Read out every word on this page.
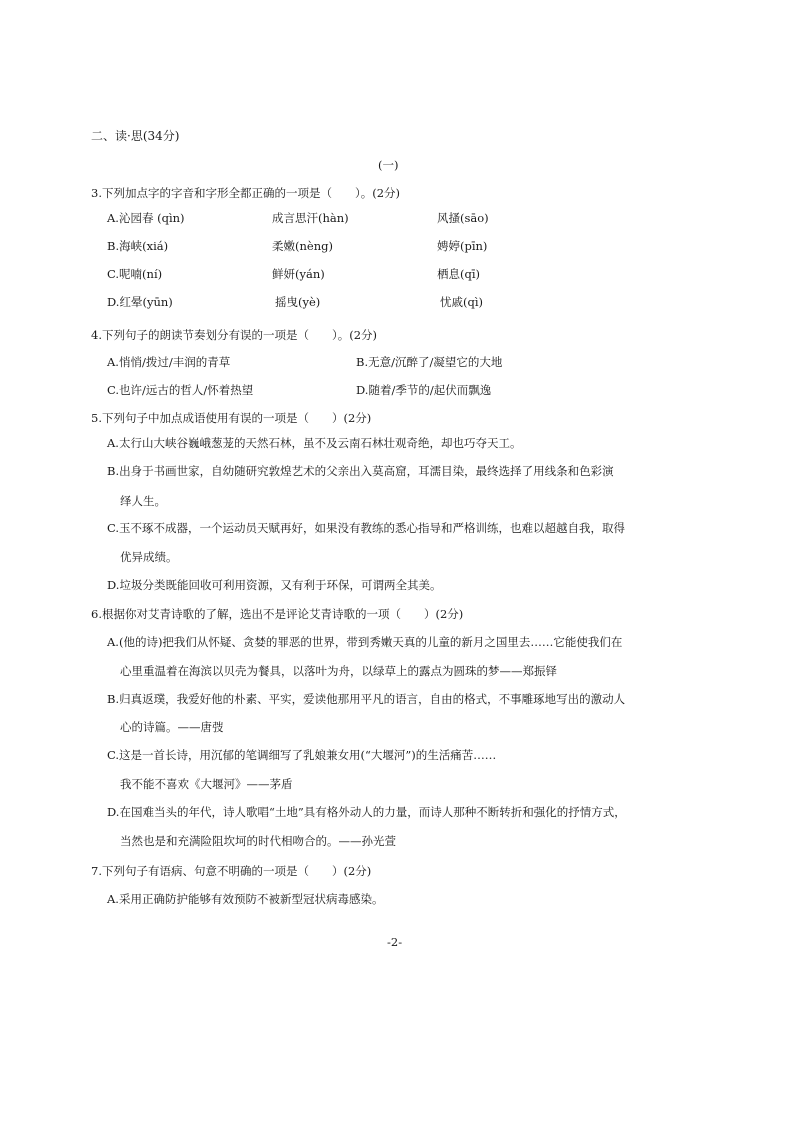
二、读·思(34分)
(一)
3.下列加点字的字音和字形全都正确的一项是（　　）。(2分)
A.沁园春 (qìn)	成言思汗(hàn)	风搔(sāo)
B.海峡(xiá)	柔嫩(nèng)	娉婷(pīn)
C.呢喃(ní)	鲜妍(yán)	栖息(qī)
D.红晕(yūn)	摇曳(yè)	忧戚(qì)
4.下列句子的朗读节奏划分有误的一项是（　　）。(2分)
A.悄悄/拨过/丰润的青草	B.无意/沉醉了/凝望它的大地
C.也许/远古的哲人/怀着热望	D.随着/季节的/起伏而飘逸
5.下列句子中加点成语使用有误的一项是（　　）(2分)
A.太行山大峡谷巍峨葱茏的天然石林，虽不及云南石林壮观奇绝，却也巧夺天工。
B.出身于书画世家，自幼随研究敦煌艺术的父亲出入莫高窟，耳濡目染，最终选择了用线条和色彩演
绎人生。
C.玉不琢不成器，一个运动员天赋再好，如果没有教练的悉心指导和严格训练，也难以超越自我，取得
优异成绩。
D.垃圾分类既能回收可利用资源，又有利于环保，可谓两全其美。
6.根据你对艾青诗歌的了解，选出不是评论艾青诗歌的一项（　　）(2分)
A.(他的诗)把我们从怀疑、贪婪的罪恶的世界，带到秀嫩天真的儿童的新月之国里去……它能使我们在
心里重温着在海滨以贝壳为餐具，以落叶为舟，以绿草上的露点为圆珠的梦——郑振铎
B.归真返璞，我爱好他的朴素、平实，爱读他那用平凡的语言，自由的格式，不事雕琢地写出的激动人
心的诗篇。——唐弢
C.这是一首长诗，用沉郁的笔调细写了乳娘兼女用(“大堰河”)的生活痛苦……
我不能不喜欢《大堰河》——茅盾
D.在国难当头的年代，诗人歌唱“土地”具有格外动人的力量，而诗人那种不断转折和强化的抒情方式，
当然也是和充满险阻坎坷的时代相吻合的。——孙光萱
7.下列句子有语病、句意不明确的一项是（　　）(2分)
A.采用正确防护能够有效预防不被新型冠状病毒感染。
-2-
